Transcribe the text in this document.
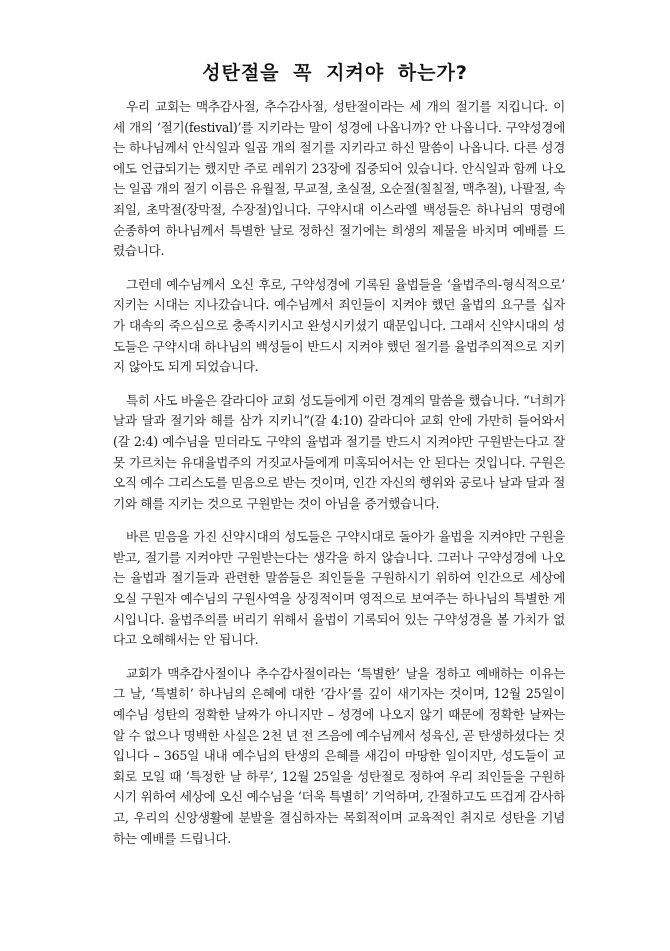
성탄절을 꼭 지켜야 하는가?

우리 교회는 맥추감사절, 추수감사절, 성탄절이라는 세 개의 절기를 지킵니다. 이 세 개의 ‘절기(festival)’를 지키라는 말이 성경에 나옵니까? 안 나옵니다. 구약성경에는 하나님께서 안식일과 일곱 개의 절기를 지키라고 하신 말씀이 나옵니다. 다른 성경에도 언급되기는 했지만 주로 레위기 23장에 집중되어 있습니다. 안식일과 함께 나오는 일곱 개의 절기 이름은 유월절, 무교절, 초실절, 오순절(칠칠절, 맥추절), 나팔절, 속죄일, 초막절(장막절, 수장절)입니다. 구약시대 이스라엘 백성들은 하나님의 명령에 순종하여 하나님께서 특별한 날로 정하신 절기에는 희생의 제물을 바치며 예배를 드렸습니다.

그런데 예수님께서 오신 후로, 구약성경에 기록된 율법들을 ‘율법주의-형식적으로’ 지키는 시대는 지나갔습니다. 예수님께서 죄인들이 지켜야 했던 율법의 요구를 십자가 대속의 죽으심으로 충족시키시고 완성시키셨기 때문입니다. 그래서 신약시대의 성도들은 구약시대 하나님의 백성들이 반드시 지켜야 했던 절기를 율법주의적으로 지키지 않아도 되게 되었습니다.

특히 사도 바울은 갈라디아 교회 성도들에게 이런 경계의 말씀을 했습니다. “너희가 날과 달과 절기와 해를 삼가 지키니”(갈 4:10) 갈라디아 교회 안에 가만히 들어와서(갈 2:4) 예수님을 믿더라도 구약의 율법과 절기를 반드시 지켜야만 구원받는다고 잘못 가르치는 유대율법주의 거짓교사들에게 미혹되어서는 안 된다는 것입니다. 구원은 오직 예수 그리스도를 믿음으로 받는 것이며, 인간 자신의 행위와 공로나 날과 달과 절기와 해를 지키는 것으로 구원받는 것이 아님을 증거했습니다.

바른 믿음을 가진 신약시대의 성도들은 구약시대로 돌아가 율법을 지켜야만 구원을 받고, 절기를 지켜야만 구원받는다는 생각을 하지 않습니다. 그러나 구약성경에 나오는 율법과 절기들과 관련한 말씀들은 죄인들을 구원하시기 위하여 인간으로 세상에 오실 구원자 예수님의 구원사역을 상징적이며 영적으로 보여주는 하나님의 특별한 게시입니다. 율법주의를 버리기 위해서 율법이 기록되어 있는 구약성경을 볼 가치가 없다고 오해해서는 안 됩니다.

교회가 맥추감사절이나 추수감사절이라는 ‘특별한’ 날을 정하고 예배하는 이유는 그 날, ‘특별히’ 하나님의 은혜에 대한 ‘감사’를 깊이 새기자는 것이며, 12월 25일이 예수님 성탄의 정확한 날짜가 아니지만 – 성경에 나오지 않기 때문에 정확한 날짜는 알 수 없으나 명백한 사실은 2천 년 전 즈음에 예수님께서 성육신, 곧 탄생하셨다는 것입니다 – 365일 내내 예수님의 탄생의 은혜를 새김이 마땅한 일이지만, 성도들이 교회로 모일 때 ‘특정한 날 하루’, 12월 25일을 성탄절로 정하여 우리 죄인들을 구원하시기 위하여 세상에 오신 예수님을 ‘더욱 특별히’ 기억하며, 간절하고도 뜨겁게 감사하고, 우리의 신앙생활에 분발을 결심하자는 목회적이며 교육적인 취지로 성탄을 기념하는 예배를 드립니다.
